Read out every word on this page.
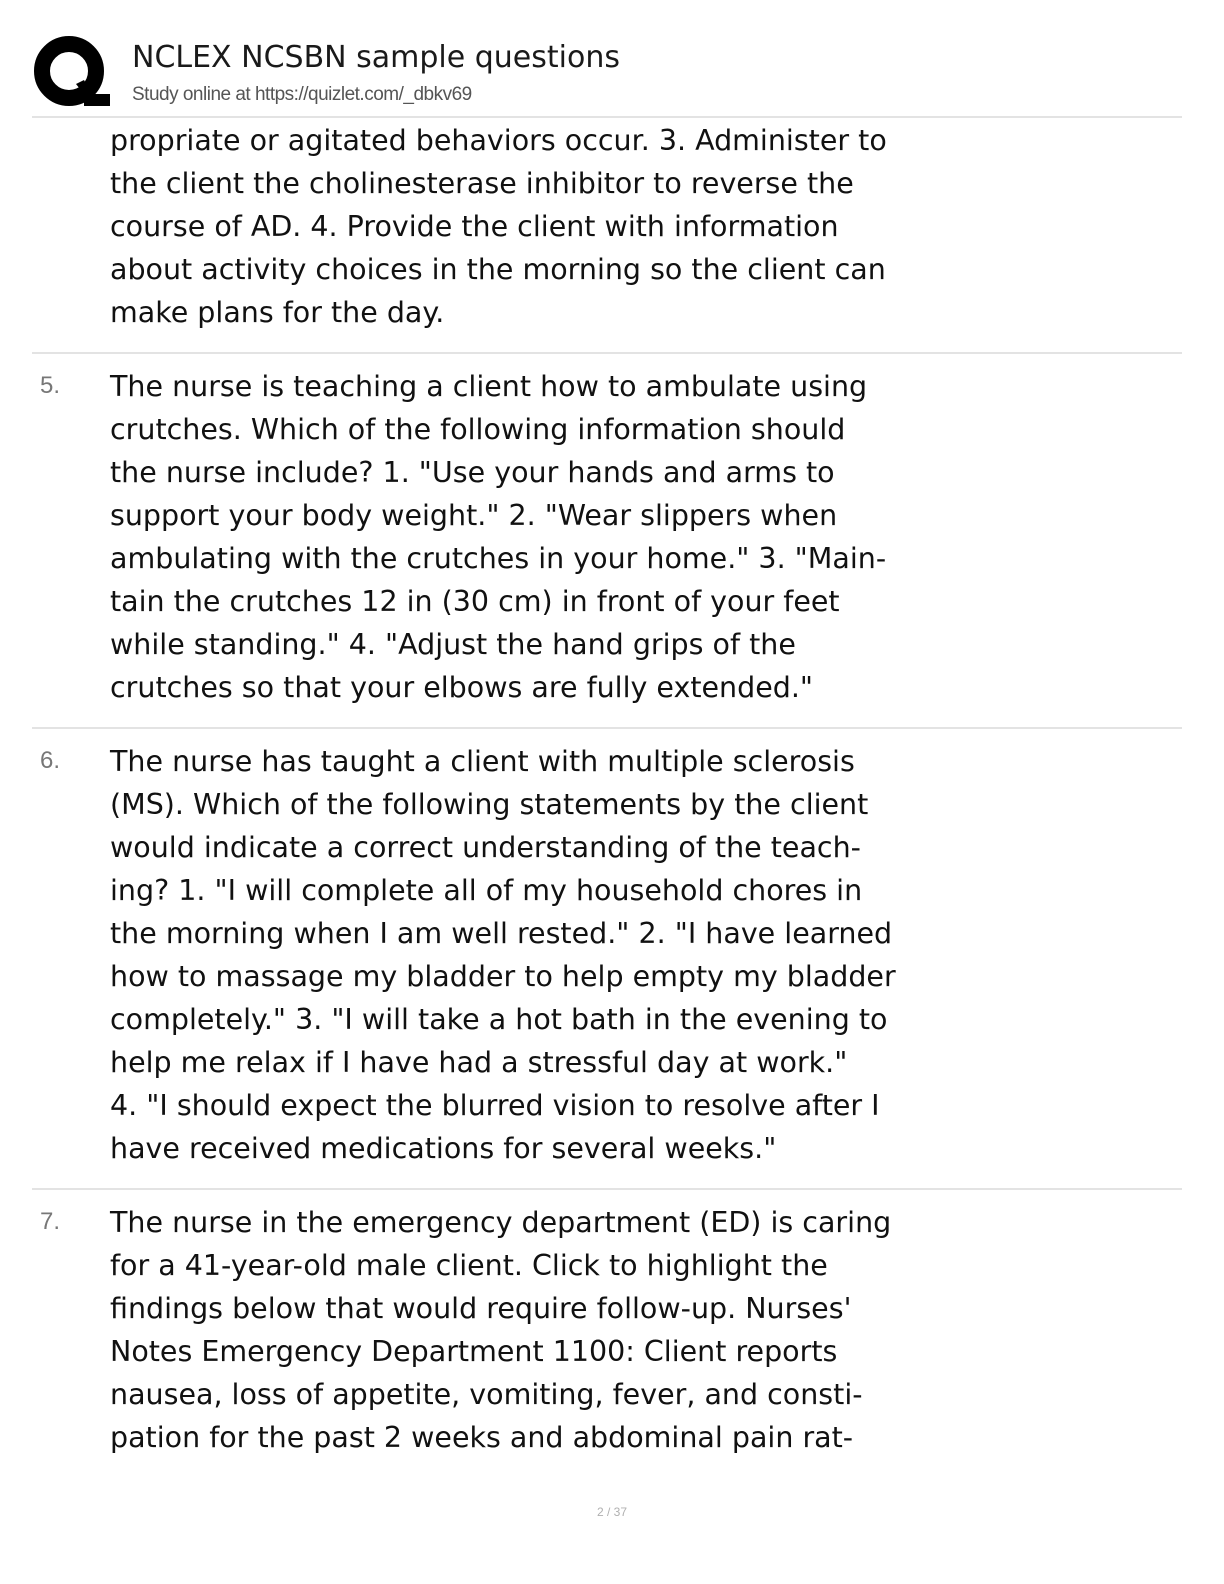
NCLEX NCSBN sample questions
Study online at https://quizlet.com/_dbkv69
propriate or agitated behaviors occur. 3. Administer to
the client the cholinesterase inhibitor to reverse the
course of AD. 4. Provide the client with information
about activity choices in the morning so the client can
make plans for the day.
5. The nurse is teaching a client how to ambulate using
crutches. Which of the following information should
the nurse include? 1. "Use your hands and arms to
support your body weight." 2. "Wear slippers when
ambulating with the crutches in your home." 3. "Main-
tain the crutches 12 in (30 cm) in front of your feet
while standing." 4. "Adjust the hand grips of the
crutches so that your elbows are fully extended."
6. The nurse has taught a client with multiple sclerosis
(MS). Which of the following statements by the client
would indicate a correct understanding of the teach-
ing? 1. "I will complete all of my household chores in
the morning when I am well rested." 2. "I have learned
how to massage my bladder to help empty my bladder
completely." 3. "I will take a hot bath in the evening to
help me relax if I have had a stressful day at work."
4. "I should expect the blurred vision to resolve after I
have received medications for several weeks."
7. The nurse in the emergency department (ED) is caring
for a 41-year-old male client. Click to highlight the
findings below that would require follow-up. Nurses'
Notes Emergency Department 1100: Client reports
nausea, loss of appetite, vomiting, fever, and consti-
pation for the past 2 weeks and abdominal pain rat-
2 / 37
